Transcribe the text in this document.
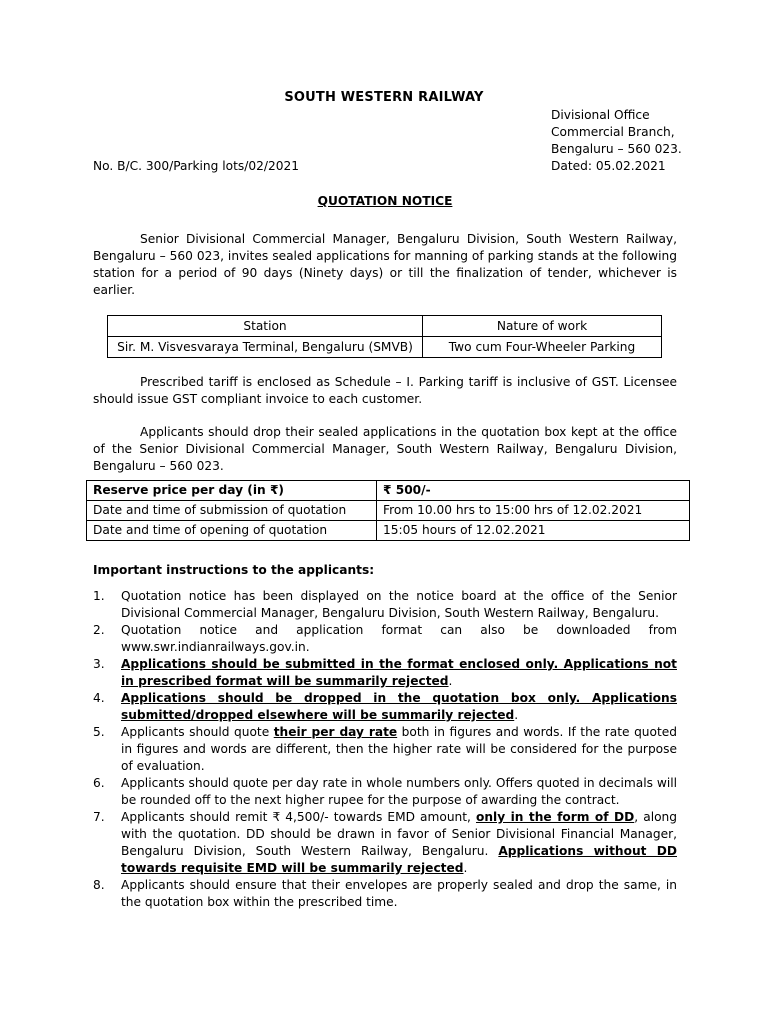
SOUTH WESTERN RAILWAY
Divisional Office
Commercial Branch,
Bengaluru – 560 023.
No. B/C. 300/Parking lots/02/2021	Dated: 05.02.2021
QUOTATION NOTICE
Senior Divisional Commercial Manager, Bengaluru Division, South Western Railway, Bengaluru – 560 023, invites sealed applications for manning of parking stands at the following station for a period of 90 days (Ninety days) or till the finalization of tender, whichever is earlier.
Station	Nature of work
Sir. M. Visvesvaraya Terminal, Bengaluru (SMVB)	Two cum Four-Wheeler Parking
Prescribed tariff is enclosed as Schedule – I. Parking tariff is inclusive of GST. Licensee should issue GST compliant invoice to each customer.
Applicants should drop their sealed applications in the quotation box kept at the office of the Senior Divisional Commercial Manager, South Western Railway, Bengaluru Division, Bengaluru – 560 023.
Reserve price per day (in ₹)	₹ 500/-
Date and time of submission of quotation	From 10.00 hrs to 15:00 hrs of 12.02.2021
Date and time of opening of quotation	15:05 hours of 12.02.2021
Important instructions to the applicants:
1. Quotation notice has been displayed on the notice board at the office of the Senior Divisional Commercial Manager, Bengaluru Division, South Western Railway, Bengaluru.
2. Quotation notice and application format can also be downloaded from www.swr.indianrailways.gov.in.
3. Applications should be submitted in the format enclosed only. Applications not in prescribed format will be summarily rejected.
4. Applications should be dropped in the quotation box only. Applications submitted/dropped elsewhere will be summarily rejected.
5. Applicants should quote their per day rate both in figures and words. If the rate quoted in figures and words are different, then the higher rate will be considered for the purpose of evaluation.
6. Applicants should quote per day rate in whole numbers only. Offers quoted in decimals will be rounded off to the next higher rupee for the purpose of awarding the contract.
7. Applicants should remit ₹ 4,500/- towards EMD amount, only in the form of DD, along with the quotation. DD should be drawn in favor of Senior Divisional Financial Manager, Bengaluru Division, South Western Railway, Bengaluru. Applications without DD towards requisite EMD will be summarily rejected.
8. Applicants should ensure that their envelopes are properly sealed and drop the same, in the quotation box within the prescribed time.
